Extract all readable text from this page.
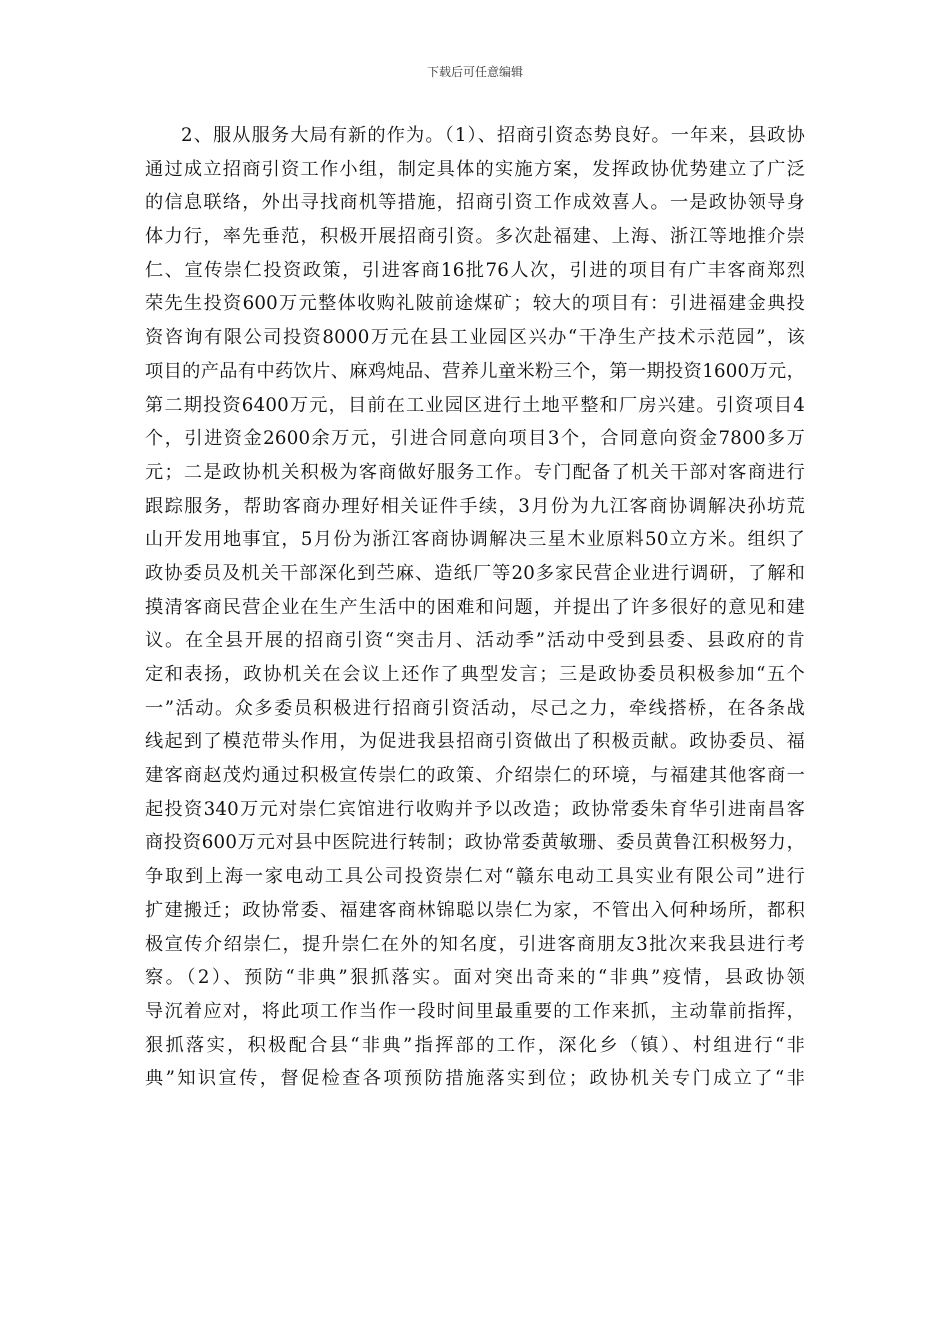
下载后可任意编辑
2、服从服务大局有新的作为。（1）、招商引资态势良好。一年来，县政协
通过成立招商引资工作小组，制定具体的实施方案，发挥政协优势建立了广泛
的信息联络，外出寻找商机等措施，招商引资工作成效喜人。一是政协领导身
体力行，率先垂范，积极开展招商引资。多次赴福建、上海、浙江等地推介崇
仁、宣传崇仁投资政策，引进客商16批76人次，引进的项目有广丰客商郑烈
荣先生投资600万元整体收购礼陂前途煤矿；较大的项目有：引进福建金典投
资咨询有限公司投资8000万元在县工业园区兴办“干净生产技术示范园”，该
项目的产品有中药饮片、麻鸡炖品、营养儿童米粉三个，第一期投资1600万元，
第二期投资6400万元，目前在工业园区进行土地平整和厂房兴建。引资项目4
个，引进资金2600余万元，引进合同意向项目3个，合同意向资金7800多万
元；二是政协机关积极为客商做好服务工作。专门配备了机关干部对客商进行
跟踪服务，帮助客商办理好相关证件手续，3月份为九江客商协调解决孙坊荒
山开发用地事宜，5月份为浙江客商协调解决三星木业原料50立方米。组织了
政协委员及机关干部深化到苎麻、造纸厂等20多家民营企业进行调研，了解和
摸清客商民营企业在生产生活中的困难和问题，并提出了许多很好的意见和建
议。在全县开展的招商引资“突击月、活动季”活动中受到县委、县政府的肯
定和表扬，政协机关在会议上还作了典型发言；三是政协委员积极参加“五个
一”活动。众多委员积极进行招商引资活动，尽己之力，牵线搭桥，在各条战
线起到了模范带头作用，为促进我县招商引资做出了积极贡献。政协委员、福
建客商赵茂灼通过积极宣传崇仁的政策、介绍崇仁的环境，与福建其他客商一
起投资340万元对崇仁宾馆进行收购并予以改造；政协常委朱育华引进南昌客
商投资600万元对县中医院进行转制；政协常委黄敏珊、委员黄鲁江积极努力，
争取到上海一家电动工具公司投资崇仁对“赣东电动工具实业有限公司”进行
扩建搬迁；政协常委、福建客商林锦聪以崇仁为家，不管出入何种场所，都积
极宣传介绍崇仁，提升崇仁在外的知名度，引进客商朋友3批次来我县进行考
察。（2）、预防“非典”狠抓落实。面对突出奇来的“非典”疫情，县政协领
导沉着应对，将此项工作当作一段时间里最重要的工作来抓，主动靠前指挥，
狠抓落实，积极配合县“非典”指挥部的工作，深化乡（镇）、村组进行“非
典”知识宣传，督促检查各项预防措施落实到位；政协机关专门成立了“非
